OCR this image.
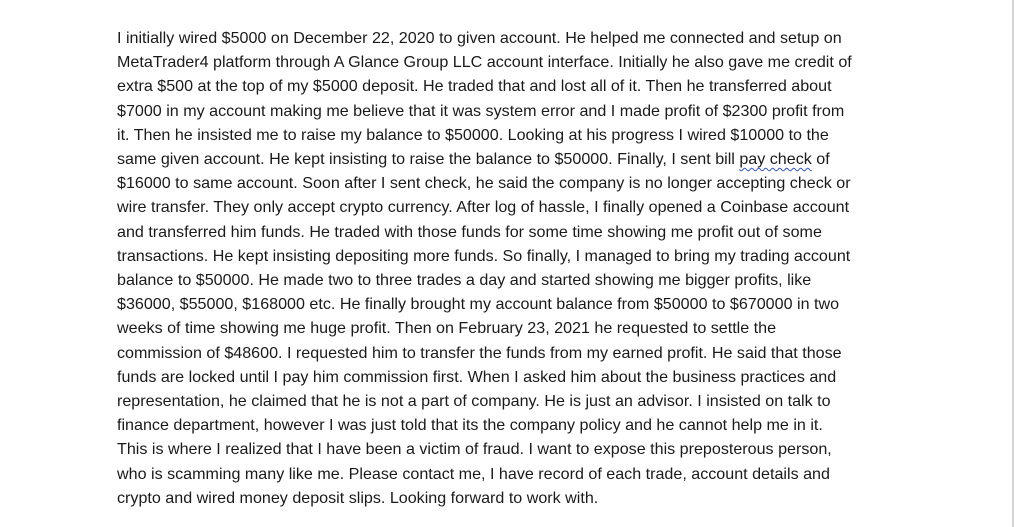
I initially wired $5000 on December 22, 2020 to given account. He helped me connected and setup on
MetaTrader4 platform through A Glance Group LLC account interface. Initially he also gave me credit of
extra $500 at the top of my $5000 deposit. He traded that and lost all of it. Then he transferred about
$7000 in my account making me believe that it was system error and I made profit of $2300 profit from
it. Then he insisted me to raise my balance to $50000. Looking at his progress I wired $10000 to the
same given account. He kept insisting to raise the balance to $50000. Finally, I sent bill pay check of
$16000 to same account. Soon after I sent check, he said the company is no longer accepting check or
wire transfer. They only accept crypto currency. After log of hassle, I finally opened a Coinbase account
and transferred him funds. He traded with those funds for some time showing me profit out of some
transactions. He kept insisting depositing more funds. So finally, I managed to bring my trading account
balance to $50000. He made two to three trades a day and started showing me bigger profits, like
$36000, $55000, $168000 etc. He finally brought my account balance from $50000 to $670000 in two
weeks of time showing me huge profit. Then on February 23, 2021 he requested to settle the
commission of $48600. I requested him to transfer the funds from my earned profit. He said that those
funds are locked until I pay him commission first. When I asked him about the business practices and
representation, he claimed that he is not a part of company. He is just an advisor. I insisted on talk to
finance department, however I was just told that its the company policy and he cannot help me in it.
This is where I realized that I have been a victim of fraud. I want to expose this preposterous person,
who is scamming many like me. Please contact me, I have record of each trade, account details and
crypto and wired money deposit slips. Looking forward to work with.
